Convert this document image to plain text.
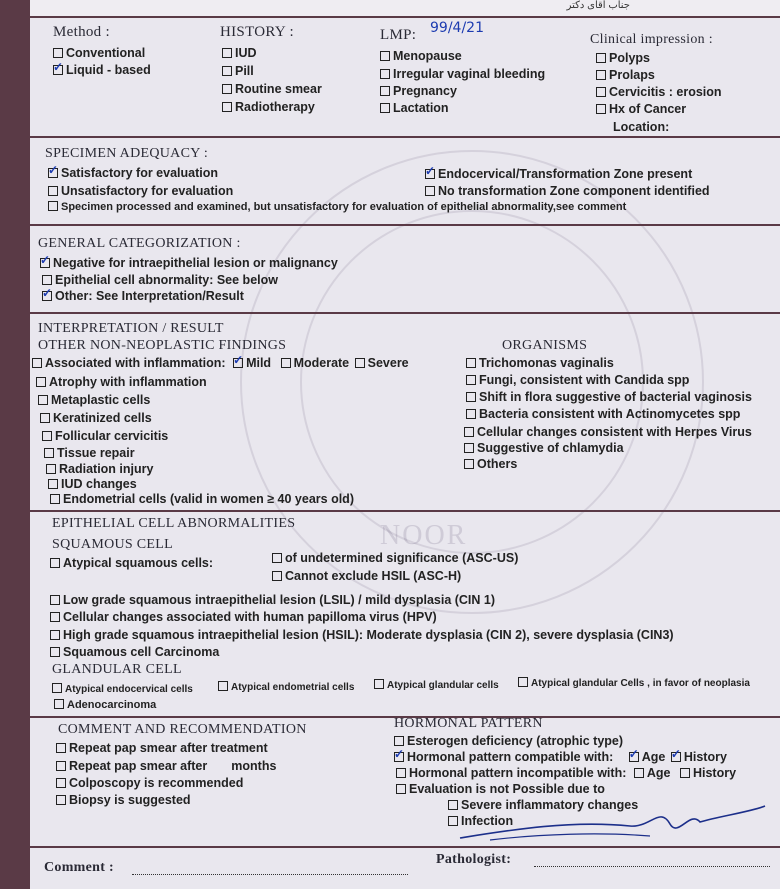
NOOR
جناب آقای دکتر
Method :
Conventional
✓Liquid - based
HISTORY :
IUD
Pill
Routine smear
Radiotherapy
LMP: 99/4/21
Menopause
Irregular vaginal bleeding
Pregnancy
Lactation
Clinical impression :
Polyps
Prolaps
Cervicitis : erosion
Hx of Cancer
Location:
SPECIMEN ADEQUACY :
✓Satisfactory for evaluation
Unsatisfactory for evaluation
✓Endocervical/Transformation Zone present
No transformation Zone component identified
Specimen processed and examined, but unsatisfactory for evaluation of epithelial abnormality,see comment
GENERAL CATEGORIZATION :
✓Negative for intraepithelial lesion or malignancy
Epithelial cell abnormality: See below
✓Other: See Interpretation/Result
INTERPRETATION / RESULT
OTHER NON-NEOPLASTIC FINDINGS
Associated with inflammation: ✓ Mild Moderate Severe
Atrophy with inflammation
Metaplastic cells
Keratinized cells
Follicular cervicitis
Tissue repair
Radiation injury
IUD changes
Endometrial cells (valid in women ≥ 40 years old)
ORGANISMS
Trichomonas vaginalis
Fungi, consistent with Candida spp
Shift in flora suggestive of bacterial vaginosis
Bacteria consistent with Actinomycetes spp
Cellular changes consistent with Herpes Virus
Suggestive of chlamydia
Others
EPITHELIAL CELL ABNORMALITIES
SQUAMOUS CELL
Atypical squamous cells:	of undetermined significance (ASC-US)
Cannot exclude HSIL (ASC-H)
Low grade squamous intraepithelial lesion (LSIL) / mild dysplasia (CIN 1)
Cellular changes associated with human papilloma virus (HPV)
High grade squamous intraepithelial lesion (HSIL): Moderate dysplasia (CIN 2), severe dysplasia (CIN3)
Squamous cell Carcinoma
GLANDULAR CELL
Atypical endocervical cells	Atypical endometrial cells	Atypical glandular cells	Atypical glandular Cells , in favor of neoplasia
Adenocarcinoma
COMMENT AND RECOMMENDATION
Repeat pap smear after treatment
Repeat pap smear after months
Colposcopy is recommended
Biopsy is suggested
HORMONAL PATTERN
Esterogen deficiency (atrophic type)
✓Hormonal pattern compatible with: ✓ Age ✓ History
Hormonal pattern incompatible with: Age History
Evaluation is not Possible due to
Severe inflammatory changes
Infection
Comment :
Pathologist:
